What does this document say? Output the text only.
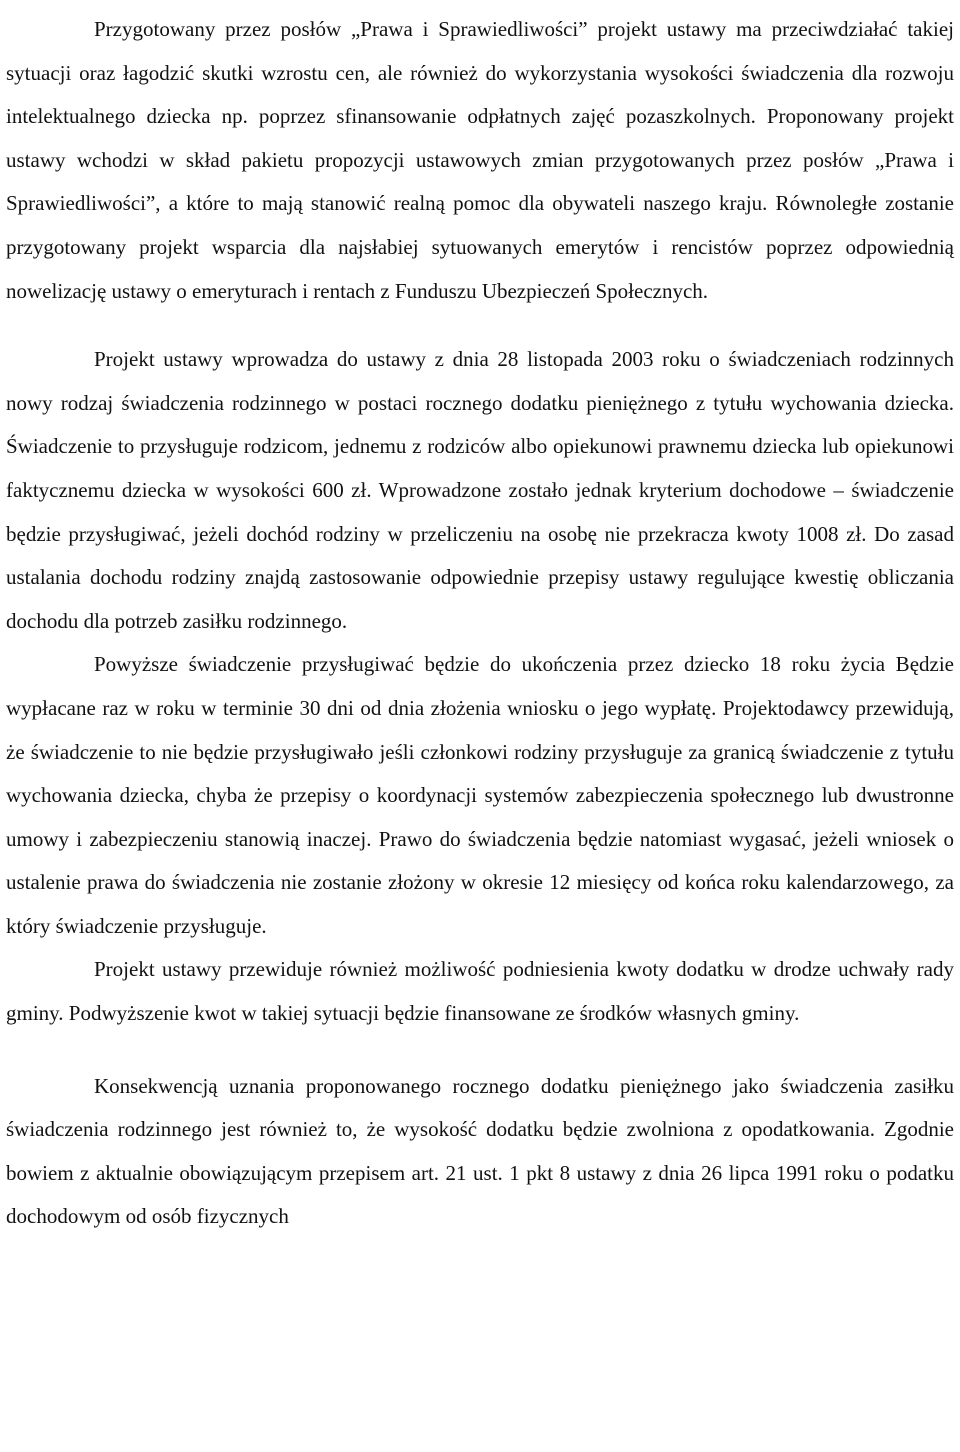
Przygotowany przez posłów „Prawa i Sprawiedliwości” projekt ustawy ma przeciwdziałać takiej sytuacji oraz łagodzić skutki wzrostu cen, ale również do wykorzystania wysokości świadczenia dla rozwoju intelektualnego dziecka np. poprzez sfinansowanie odpłatnych zajęć pozaszkolnych. Proponowany projekt ustawy wchodzi w skład pakietu propozycji ustawowych zmian przygotowanych przez posłów „Prawa i Sprawiedliwości”, a które to mają stanowić realną pomoc dla obywateli naszego kraju. Równoległe zostanie przygotowany projekt wsparcia dla najsłabiej sytuowanych emerytów i rencistów poprzez odpowiednią nowelizację ustawy o emeryturach i rentach z Funduszu Ubezpieczeń Społecznych.

Projekt ustawy wprowadza do ustawy z dnia 28 listopada 2003 roku o świadczeniach rodzinnych nowy rodzaj świadczenia rodzinnego w postaci rocznego dodatku pieniężnego z tytułu wychowania dziecka. Świadczenie to przysługuje rodzicom, jednemu z rodziców albo opiekunowi prawnemu dziecka lub opiekunowi faktycznemu dziecka w wysokości 600 zł. Wprowadzone zostało jednak kryterium dochodowe – świadczenie będzie przysługiwać, jeżeli dochód rodziny w przeliczeniu na osobę nie przekracza kwoty 1008 zł. Do zasad ustalania dochodu rodziny znajdą zastosowanie odpowiednie przepisy ustawy regulujące kwestię obliczania dochodu dla potrzeb zasiłku rodzinnego.

Powyższe świadczenie przysługiwać będzie do ukończenia przez dziecko 18 roku życia Będzie wypłacane raz w roku w terminie 30 dni od dnia złożenia wniosku o jego wypłatę. Projektodawcy przewidują, że świadczenie to nie będzie przysługiwało jeśli członkowi rodziny przysługuje za granicą świadczenie z tytułu wychowania dziecka, chyba że przepisy o koordynacji systemów zabezpieczenia społecznego lub dwustronne umowy i zabezpieczeniu stanowią inaczej. Prawo do świadczenia będzie natomiast wygasać, jeżeli wniosek o ustalenie prawa do świadczenia nie zostanie złożony w okresie 12 miesięcy od końca roku kalendarzowego, za który świadczenie przysługuje.

Projekt ustawy przewiduje również możliwość podniesienia kwoty dodatku w drodze uchwały rady gminy. Podwyższenie kwot w takiej sytuacji będzie finansowane ze środków własnych gminy.

Konsekwencją uznania proponowanego rocznego dodatku pieniężnego jako świadczenia zasiłku świadczenia rodzinnego jest również to, że wysokość dodatku będzie zwolniona z opodatkowania. Zgodnie bowiem z aktualnie obowiązującym przepisem art. 21 ust. 1 pkt 8 ustawy z dnia 26 lipca 1991 roku o podatku dochodowym od osób fizycznych
